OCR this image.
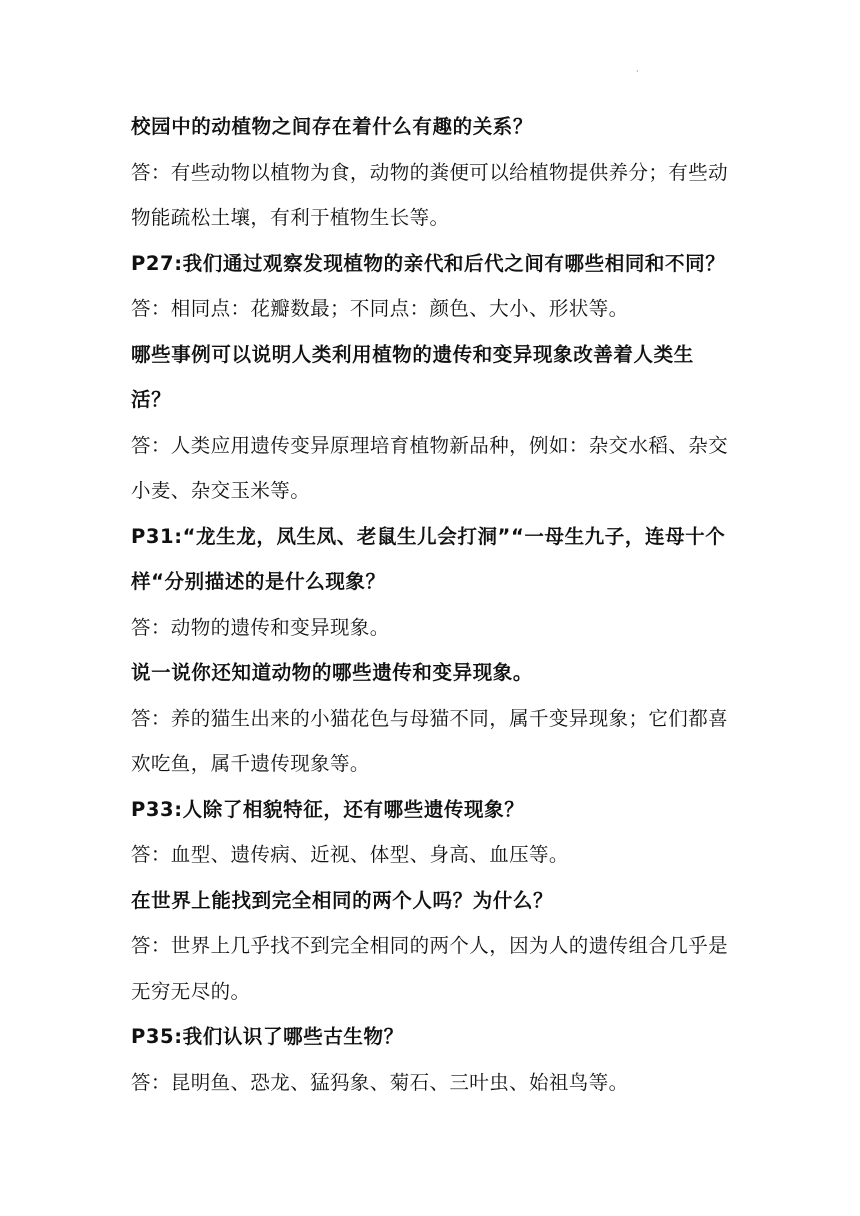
·
校园中的动植物之间存在着什么有趣的关系？
答：有些动物以植物为食，动物的粪便可以给植物提供养分；有些动
物能疏松土壤，有利于植物生长等。
P27:我们通过观察发现植物的亲代和后代之间有哪些相同和不同？
答：相同点：花瓣数最；不同点：颜色、大小、形状等。
哪些事例可以说明人类利用植物的遗传和变异现象改善着人类生
活？
答：人类应用遗传变异原理培育植物新品种，例如：杂交水稻、杂交
小麦、杂交玉米等。
P31:“龙生龙，凤生凤、老鼠生儿会打洞”“一母生九子，连母十个
样“分别描述的是什么现象？
答：动物的遗传和变异现象。
说一说你还知道动物的哪些遗传和变异现象。
答：养的猫生出来的小猫花色与母猫不同，属千变异现象；它们都喜
欢吃鱼，属千遗传现象等。
P33:人除了相貌特征，还有哪些遗传现象？
答：血型、遗传病、近视、体型、身高、血压等。
在世界上能找到完全相同的两个人吗？为什么？
答：世界上几乎找不到完全相同的两个人，因为人的遗传组合几乎是
无穷无尽的。
P35:我们认识了哪些古生物？
答：昆明鱼、恐龙、猛犸象、菊石、三叶虫、始祖鸟等。
